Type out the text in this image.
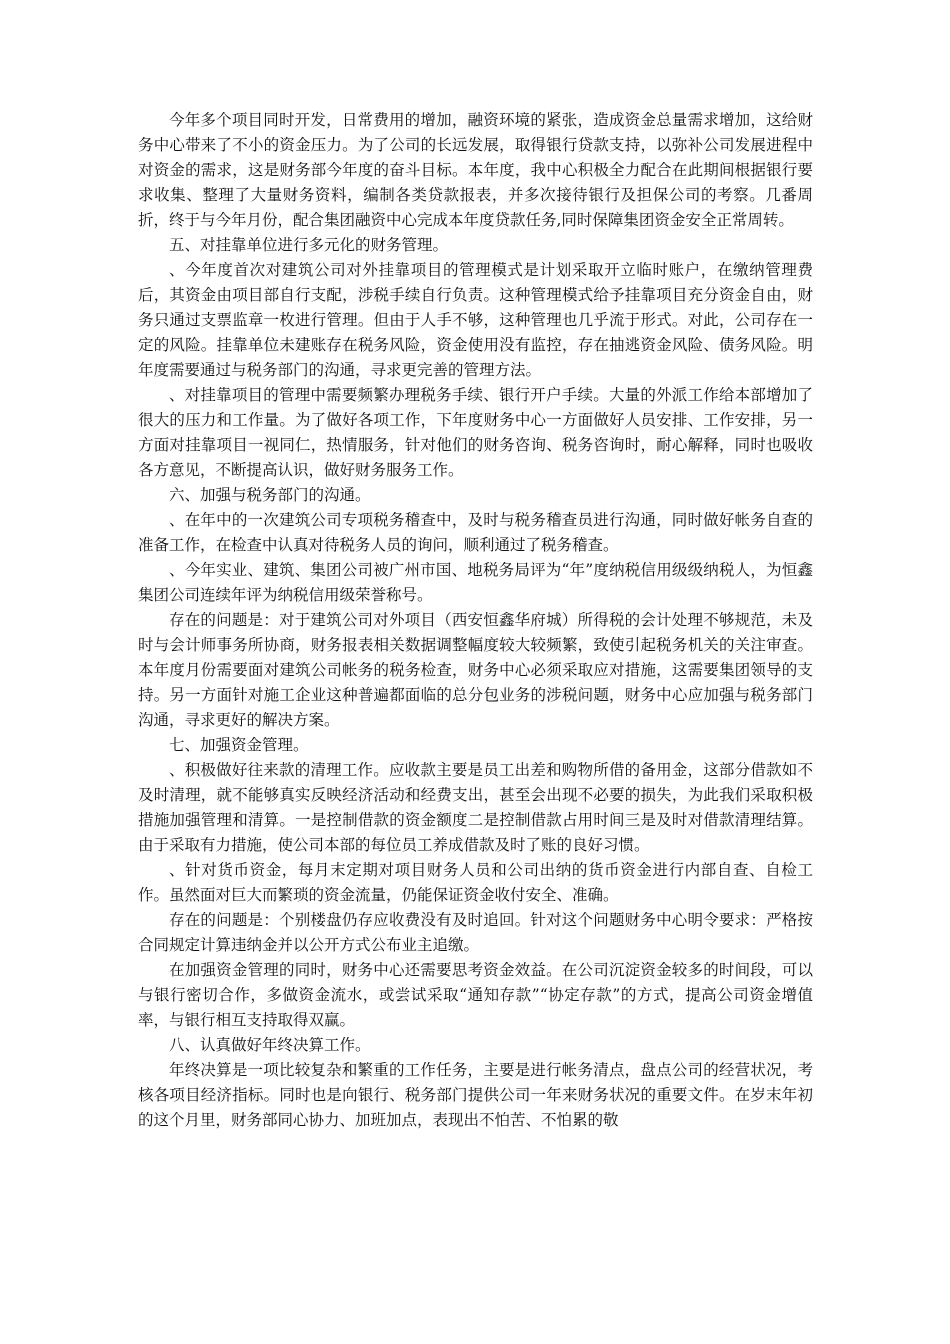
今年多个项目同时开发，日常费用的增加，融资环境的紧张，造成资金总量需求增加，这给财务中心带来了不小的资金压力。为了公司的长远发展，取得银行贷款支持，以弥补公司发展进程中对资金的需求，这是财务部今年度的奋斗目标。本年度，我中心积极全力配合在此期间根据银行要求收集、整理了大量财务资料，编制各类贷款报表，并多次接待银行及担保公司的考察。几番周折，终于与今年月份，配合集团融资中心完成本年度贷款任务,同时保障集团资金安全正常周转。

五、对挂靠单位进行多元化的财务管理。

、今年度首次对建筑公司对外挂靠项目的管理模式是计划采取开立临时账户，在缴纳管理费后，其资金由项目部自行支配，涉税手续自行负责。这种管理模式给予挂靠项目充分资金自由，财务只通过支票监章一枚进行管理。但由于人手不够，这种管理也几乎流于形式。对此，公司存在一定的风险。挂靠单位未建账存在税务风险，资金使用没有监控，存在抽逃资金风险、债务风险。明年度需要通过与税务部门的沟通，寻求更完善的管理方法。

、对挂靠项目的管理中需要频繁办理税务手续、银行开户手续。大量的外派工作给本部增加了很大的压力和工作量。为了做好各项工作，下年度财务中心一方面做好人员安排、工作安排，另一方面对挂靠项目一视同仁，热情服务，针对他们的财务咨询、税务咨询时，耐心解释，同时也吸收各方意见，不断提高认识，做好财务服务工作。

六、加强与税务部门的沟通。

、在年中的一次建筑公司专项税务稽查中，及时与税务稽查员进行沟通，同时做好帐务自查的准备工作，在检查中认真对待税务人员的询问，顺利通过了税务稽查。

、今年实业、建筑、集团公司被广州市国、地税务局评为“年”度纳税信用级级纳税人，为恒鑫集团公司连续年评为纳税信用级荣誉称号。

存在的问题是：对于建筑公司对外项目（西安恒鑫华府城）所得税的会计处理不够规范，未及时与会计师事务所协商，财务报表相关数据调整幅度较大较频繁，致使引起税务机关的关注审查。本年度月份需要面对建筑公司帐务的税务检查，财务中心必须采取应对措施，这需要集团领导的支持。另一方面针对施工企业这种普遍都面临的总分包业务的涉税问题，财务中心应加强与税务部门沟通，寻求更好的解决方案。

七、加强资金管理。

、积极做好往来款的清理工作。应收款主要是员工出差和购物所借的备用金，这部分借款如不及时清理，就不能够真实反映经济活动和经费支出，甚至会出现不必要的损失，为此我们采取积极措施加强管理和清算。一是控制借款的资金额度二是控制借款占用时间三是及时对借款清理结算。由于采取有力措施，使公司本部的每位员工养成借款及时了账的良好习惯。

、针对货币资金，每月末定期对项目财务人员和公司出纳的货币资金进行内部自查、自检工作。虽然面对巨大而繁琐的资金流量，仍能保证资金收付安全、准确。

存在的问题是：个别楼盘仍存应收费没有及时追回。针对这个问题财务中心明令要求：严格按合同规定计算违纳金并以公开方式公布业主追缴。

在加强资金管理的同时，财务中心还需要思考资金效益。在公司沉淀资金较多的时间段，可以与银行密切合作，多做资金流水，或尝试采取“通知存款”“协定存款”的方式，提高公司资金增值率，与银行相互支持取得双赢。

八、认真做好年终决算工作。

年终决算是一项比较复杂和繁重的工作任务，主要是进行帐务清点，盘点公司的经营状况，考核各项目经济指标。同时也是向银行、税务部门提供公司一年来财务状况的重要文件。在岁末年初的这个月里，财务部同心协力、加班加点，表现出不怕苦、不怕累的敬
